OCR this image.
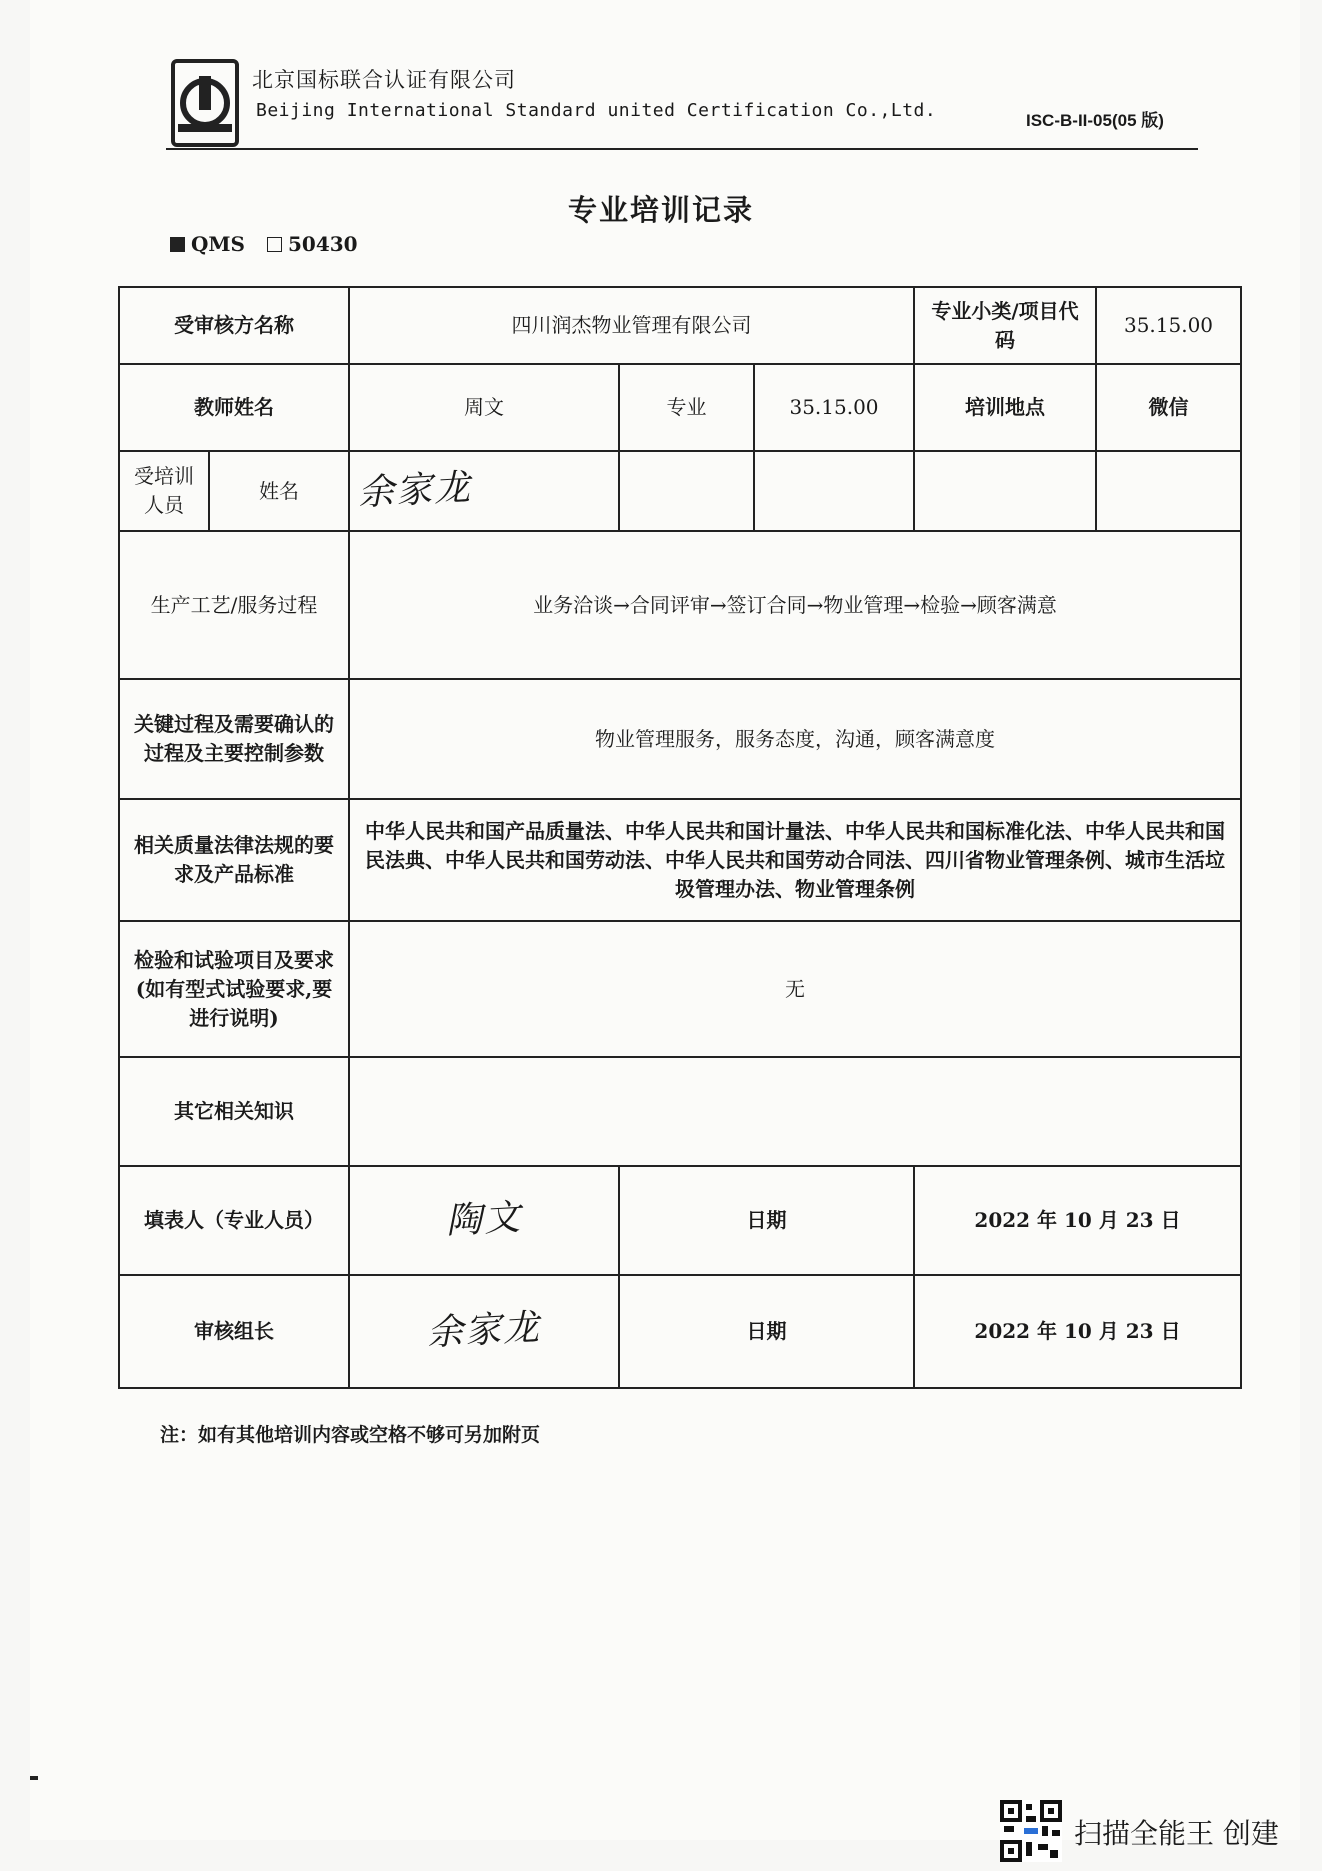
北京国标联合认证有限公司
Beijing International Standard united Certification Co.,Ltd.	ISC-B-II-05(05 版)
专业培训记录
QMS 50430
受审核方名称		四川润杰物业管理有限公司			专业小类/项目代码	35.15.00
教师姓名		周文	专业	35.15.00	培训地点	微信
受培训人员	姓名	余家龙				
生产工艺/服务过程		业务洽谈→合同评审→签订合同→物业管理→检验→顾客满意				
关键过程及需要确认的过程及主要控制参数		物业管理服务，服务态度，沟通，顾客满意度				
相关质量法律法规的要求及产品标准		中华人民共和国产品质量法、中华人民共和国计量法、中华人民共和国标准化法、中华人民共和国民法典、中华人民共和国劳动法、中华人民共和国劳动合同法、四川省物业管理条例、城市生活垃圾管理办法、物业管理条例				
检验和试验项目及要求(如有型式试验要求,要进行说明)		无				
其它相关知识						
填表人（专业人员）		陶文	日期		2022 年 10 月 23 日	
审核组长		余家龙	日期		2022 年 10 月 23 日	
注：如有其他培训内容或空格不够可另加附页
扫描全能王 创建
